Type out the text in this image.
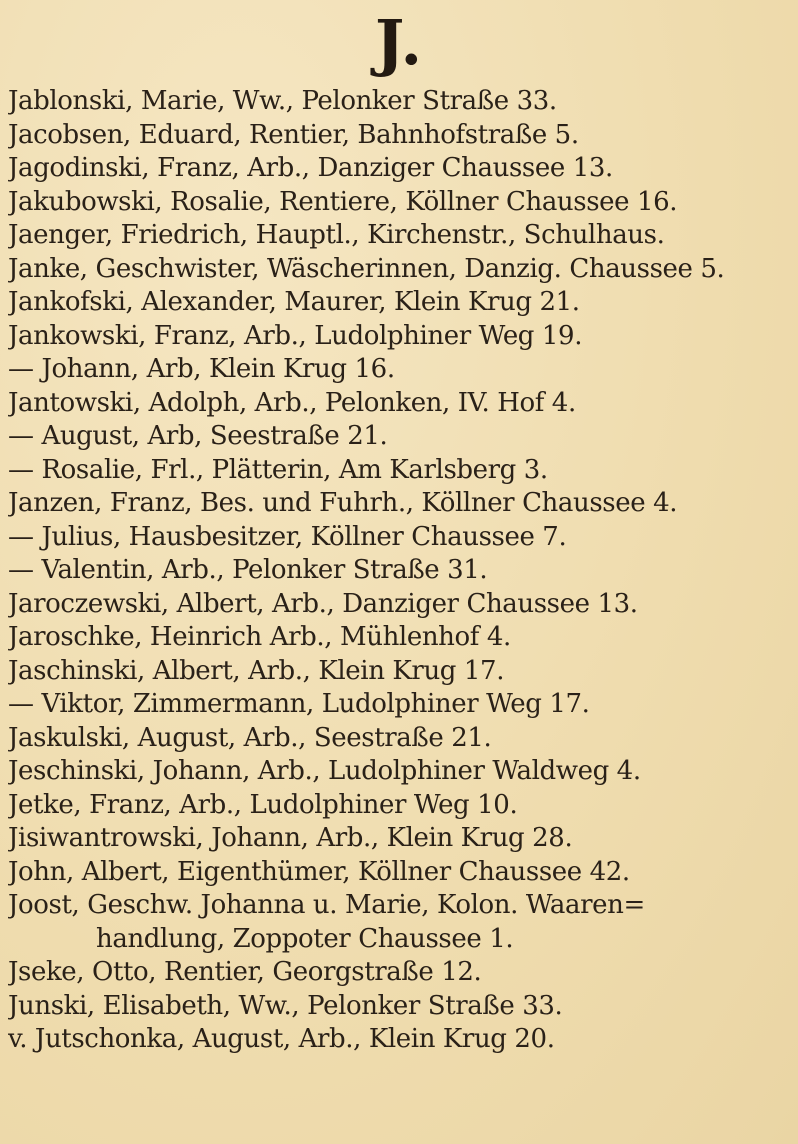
J.
Jablonski, Marie, Ww., Pelonker Straße 33.
Jacobsen, Eduard, Rentier, Bahnhofstraße 5.
Jagodinski, Franz, Arb., Danziger Chaussee 13.
Jakubowski, Rosalie, Rentiere, Köllner Chaussee 16.
Jaenger, Friedrich, Hauptl., Kirchenstr., Schulhaus.
Janke, Geschwister, Wäscherinnen, Danzig. Chaussee 5.
Jankofski, Alexander, Maurer, Klein Krug 21.
Jankowski, Franz, Arb., Ludolphiner Weg 19.
— Johann, Arb, Klein Krug 16.
Jantowski, Adolph, Arb., Pelonken, IV. Hof 4.
— August, Arb, Seestraße 21.
— Rosalie, Frl., Plätterin, Am Karlsberg 3.
Janzen, Franz, Bes. und Fuhrh., Köllner Chaussee 4.
— Julius, Hausbesitzer, Köllner Chaussee 7.
— Valentin, Arb., Pelonker Straße 31.
Jaroczewski, Albert, Arb., Danziger Chaussee 13.
Jaroschke, Heinrich Arb., Mühlenhof 4.
Jaschinski, Albert, Arb., Klein Krug 17.
— Viktor, Zimmermann, Ludolphiner Weg 17.
Jaskulski, August, Arb., Seestraße 21.
Jeschinski, Johann, Arb., Ludolphiner Waldweg 4.
Jetke, Franz, Arb., Ludolphiner Weg 10.
Jisiwantrowski, Johann, Arb., Klein Krug 28.
John, Albert, Eigenthümer, Köllner Chaussee 42.
Joost, Geschw. Johanna u. Marie, Kolon. Waaren=
handlung, Zoppoter Chaussee 1.
Jseke, Otto, Rentier, Georgstraße 12.
Junski, Elisabeth, Ww., Pelonker Straße 33.
v. Jutschonka, August, Arb., Klein Krug 20.
